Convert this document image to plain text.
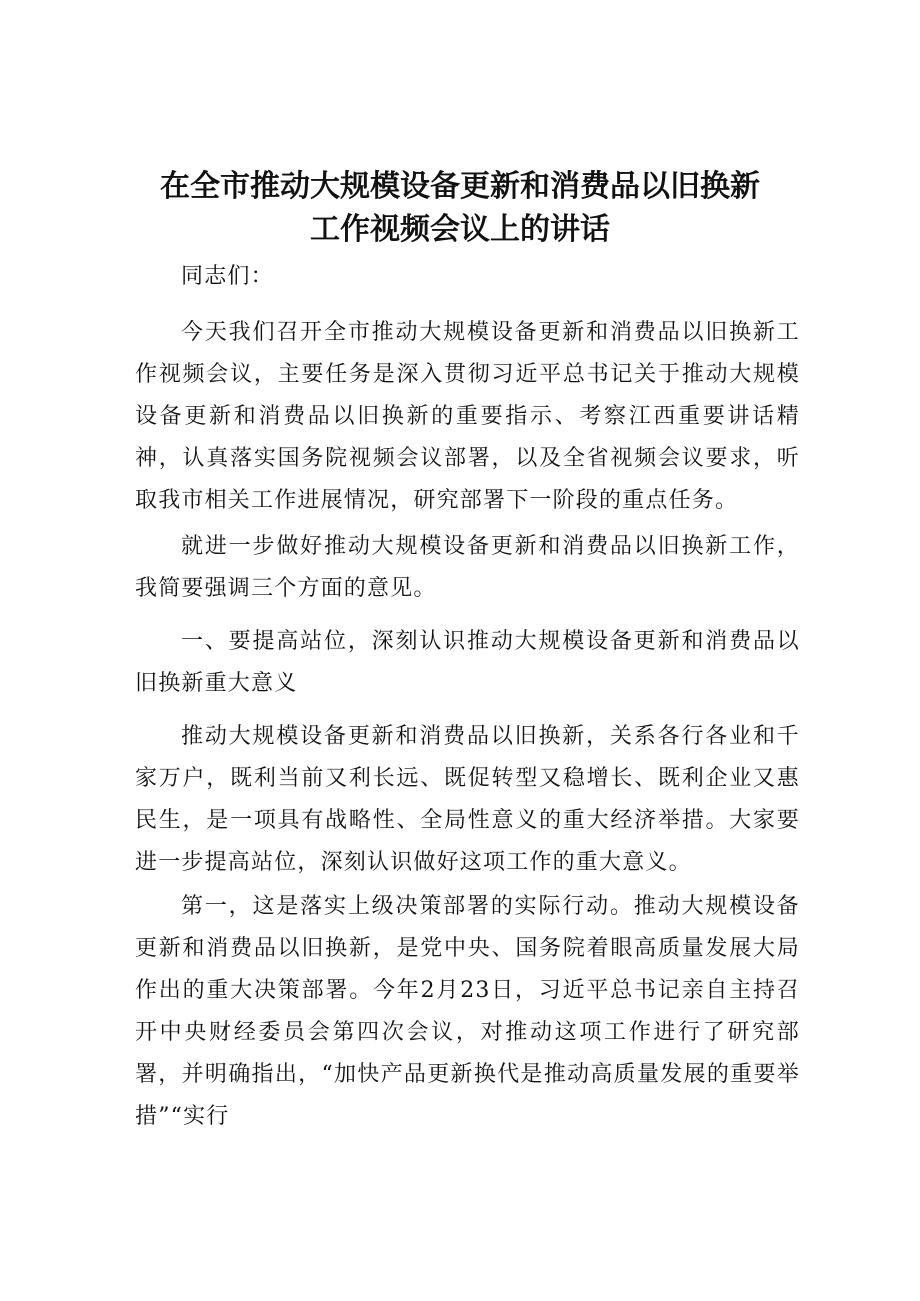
在全市推动大规模设备更新和消费品以旧换新
工作视频会议上的讲话

同志们：

今天我们召开全市推动大规模设备更新和消费品以旧换新工作视频会议，主要任务是深入贯彻习近平总书记关于推动大规模设备更新和消费品以旧换新的重要指示、考察江西重要讲话精神，认真落实国务院视频会议部署，以及全省视频会议要求，听取我市相关工作进展情况，研究部署下一阶段的重点任务。

就进一步做好推动大规模设备更新和消费品以旧换新工作，我简要强调三个方面的意见。

一、要提高站位，深刻认识推动大规模设备更新和消费品以旧换新重大意义

推动大规模设备更新和消费品以旧换新，关系各行各业和千家万户，既利当前又利长远、既促转型又稳增长、既利企业又惠民生，是一项具有战略性、全局性意义的重大经济举措。大家要进一步提高站位，深刻认识做好这项工作的重大意义。

第一，这是落实上级决策部署的实际行动。推动大规模设备更新和消费品以旧换新，是党中央、国务院着眼高质量发展大局作出的重大决策部署。今年2月23日，习近平总书记亲自主持召开中央财经委员会第四次会议，对推动这项工作进行了研究部署，并明确指出，“加快产品更新换代是推动高质量发展的重要举措”“实行
